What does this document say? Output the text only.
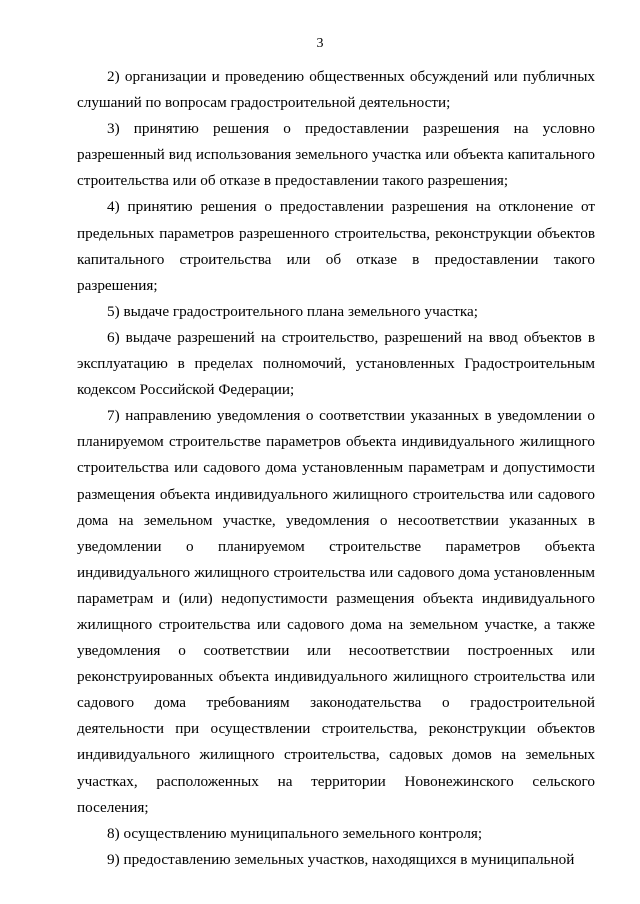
3

2) организации и проведению общественных обсуждений или публичных слушаний по вопросам градостроительной деятельности;

3) принятию решения о предоставлении разрешения на условно разрешенный вид использования земельного участка или объекта капитального строительства или об отказе в предоставлении такого разрешения;

4) принятию решения о предоставлении разрешения на отклонение от предельных параметров разрешенного строительства, реконструкции объектов капитального строительства или об отказе в предоставлении такого разрешения;

5) выдаче градостроительного плана земельного участка;

6) выдаче разрешений на строительство, разрешений на ввод объектов в эксплуатацию в пределах полномочий, установленных Градостроительным кодексом Российской Федерации;

7) направлению уведомления о соответствии указанных в уведомлении о планируемом строительстве параметров объекта индивидуального жилищного строительства или садового дома установленным параметрам и допустимости размещения объекта индивидуального жилищного строительства или садового дома на земельном участке, уведомления о несоответствии указанных в уведомлении о планируемом строительстве параметров объекта индивидуального жилищного строительства или садового дома установленным параметрам и (или) недопустимости размещения объекта индивидуального жилищного строительства или садового дома на земельном участке, а также уведомления о соответствии или несоответствии построенных или реконструированных объекта индивидуального жилищного строительства или садового дома требованиям законодательства о градостроительной деятельности при осуществлении строительства, реконструкции объектов индивидуального жилищного строительства, садовых домов на земельных участках, расположенных на территории Новонежинского сельского поселения;

8) осуществлению муниципального земельного контроля;

9) предоставлению земельных участков, находящихся в муниципальной
